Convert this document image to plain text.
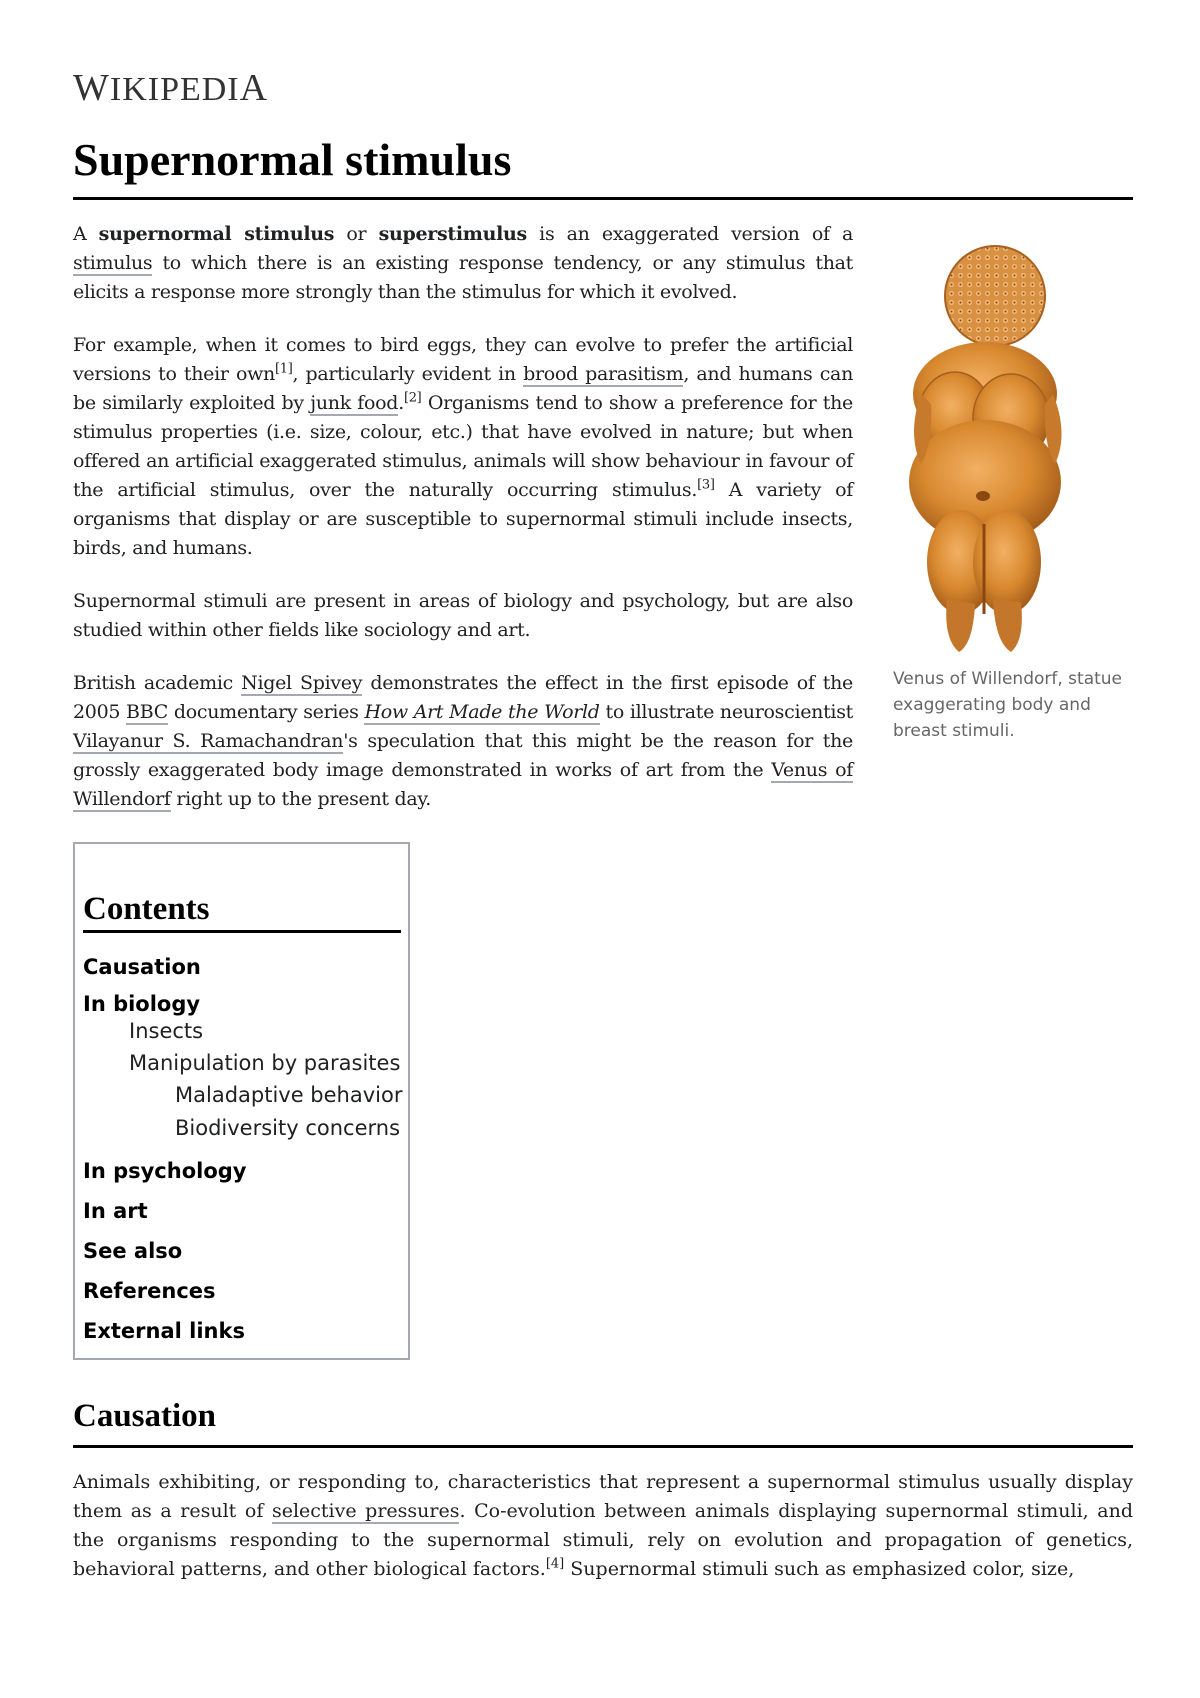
WIKIPEDIA
Supernormal stimulus

A supernormal stimulus or superstimulus is an exaggerated version of a stimulus to which there is an existing response tendency, or any stimulus that elicits a response more strongly than the stimulus for which it evolved.

For example, when it comes to bird eggs, they can evolve to prefer the artificial versions to their own[1], particularly evident in brood parasitism, and humans can be similarly exploited by junk food.[2] Organisms tend to show a preference for the stimulus properties (i.e. size, colour, etc.) that have evolved in nature; but when offered an artificial exaggerated stimulus, animals will show behaviour in favour of the artificial stimulus, over the naturally occurring stimulus.[3] A variety of organisms that display or are susceptible to supernormal stimuli include insects, birds, and humans.

Supernormal stimuli are present in areas of biology and psychology, but are also studied within other fields like sociology and art.

British academic Nigel Spivey demonstrates the effect in the first episode of the 2005 BBC documentary series How Art Made the World to illustrate neuroscientist Vilayanur S. Ramachandran's speculation that this might be the reason for the grossly exaggerated body image demonstrated in works of art from the Venus of Willendorf right up to the present day.

Venus of Willendorf, statue exaggerating body and breast stimuli.
Contents
Causation
In biology
Insects
Manipulation by parasites
Maladaptive behavior
Biodiversity concerns
In psychology
In art
See also
References
External links
Causation

Animals exhibiting, or responding to, characteristics that represent a supernormal stimulus usually display them as a result of selective pressures. Co-evolution between animals displaying supernormal stimuli, and the organisms responding to the supernormal stimuli, rely on evolution and propagation of genetics, behavioral patterns, and other biological factors.[4] Supernormal stimuli such as emphasized color, size,
